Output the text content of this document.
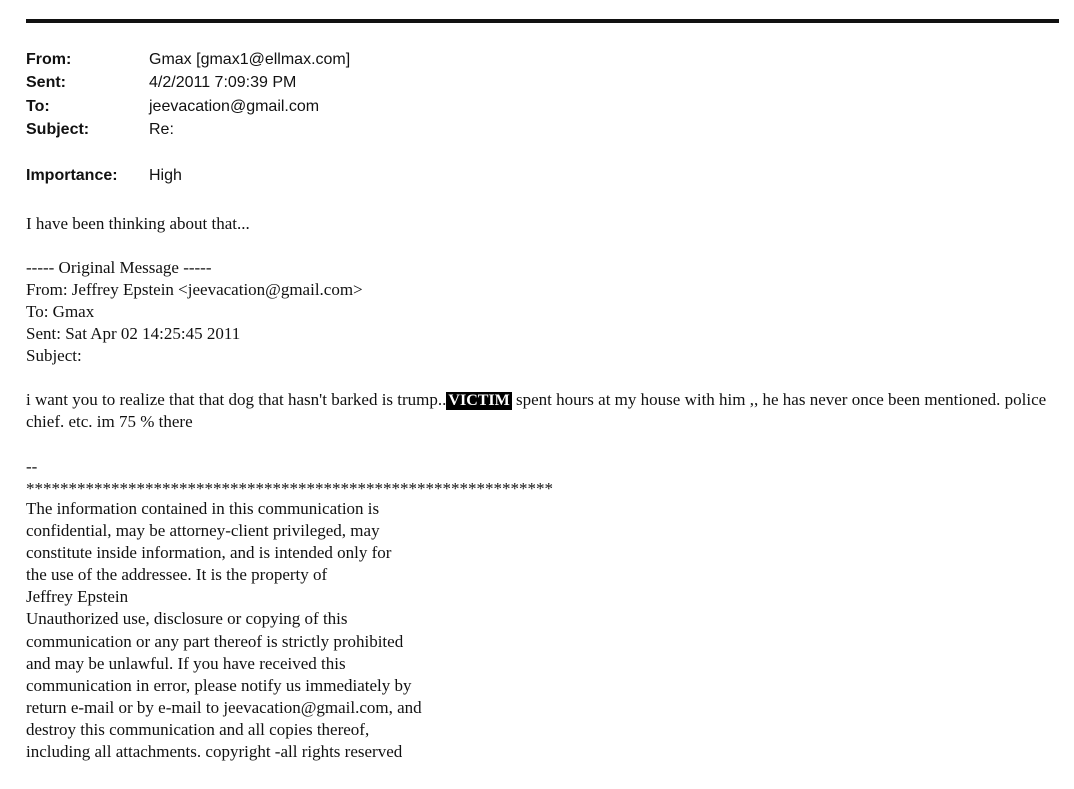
From:	Gmax [gmax1@ellmax.com]
Sent:	4/2/2011 7:09:39 PM
To:	jeevacation@gmail.com
Subject:	Re:
Importance: High
I have been thinking about that...
----- Original Message -----
From: Jeffrey Epstein <jeevacation@gmail.com>
To: Gmax
Sent: Sat Apr 02 14:25:45 2011
Subject:
i want you to realize that that dog that hasn't barked is trump.. VICTIM spent hours at my house with him ,, he has never once been mentioned. police chief. etc. im 75 % there
--
**************************************************************
The information contained in this communication is
confidential, may be attorney-client privileged, may
constitute inside information, and is intended only for
the use of the addressee. It is the property of
Jeffrey Epstein
Unauthorized use, disclosure or copying of this
communication or any part thereof is strictly prohibited
and may be unlawful. If you have received this
communication in error, please notify us immediately by
return e-mail or by e-mail to jeevacation@gmail.com, and
destroy this communication and all copies thereof,
including all attachments. copyright -all rights reserved
